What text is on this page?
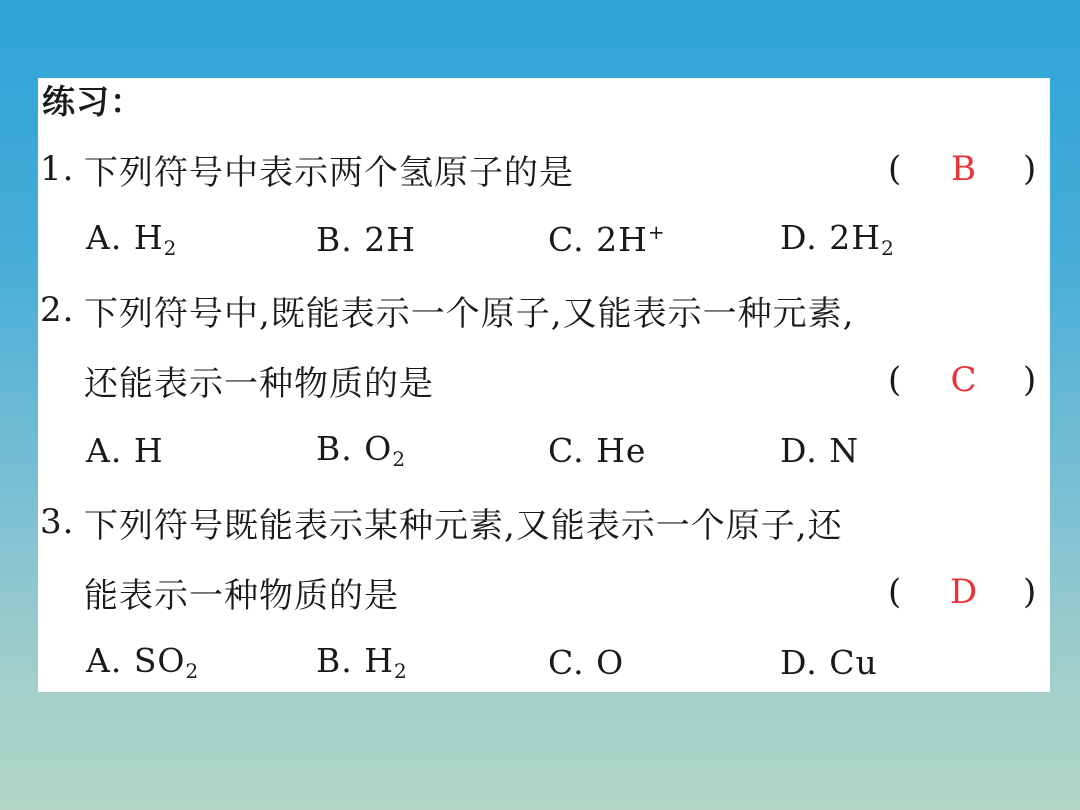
练习：
1. 下列符号中表示两个氢原子的是	(	B	)
A. $H_2$	B. 2H	C. 2H+	D. $2H_2$
2. 下列符号中,既能表示一个原子,又能表示一种元素,
还能表示一种物质的是	(	C	)
A. H	B. $O_2$	C. He	D. N
3. 下列符号既能表示某种元素,又能表示一个原子,还
能表示一种物质的是	(	D	)
A. $SO_2$	B. $H_2$	C. O	D. Cu
